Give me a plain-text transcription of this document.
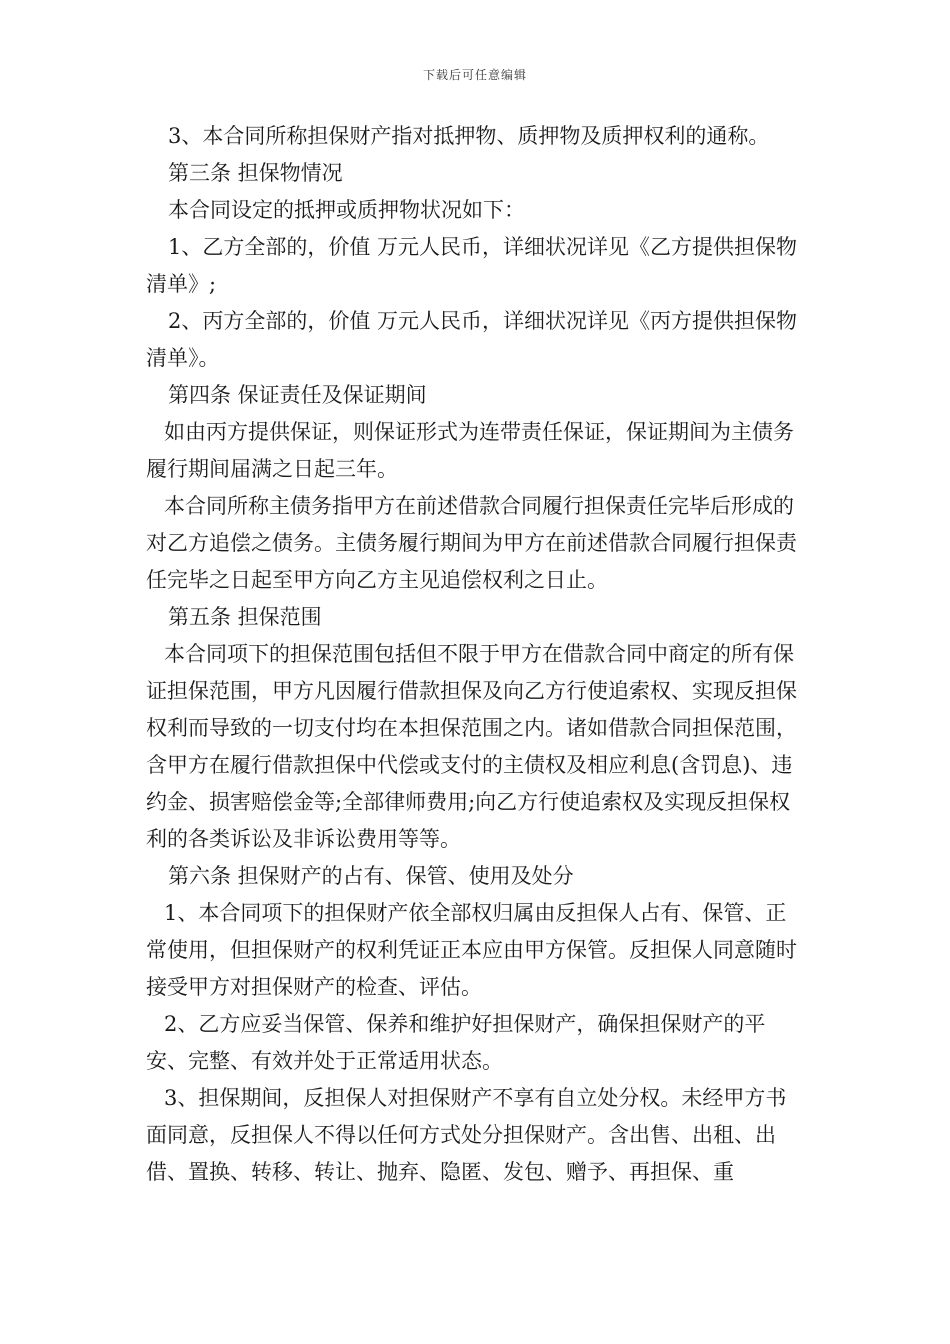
下载后可任意编辑

3、本合同所称担保财产指对抵押物、质押物及质押权利的通称。

第三条 担保物情况

本合同设定的抵押或质押物状况如下：

1、乙方全部的，价值 万元人民币，详细状况详见《乙方提供担保物清单》;

2、丙方全部的，价值 万元人民币，详细状况详见《丙方提供担保物清单》。

第四条 保证责任及保证期间

如由丙方提供保证，则保证形式为连带责任保证，保证期间为主债务履行期间届满之日起三年。

本合同所称主债务指甲方在前述借款合同履行担保责任完毕后形成的对乙方追偿之债务。主债务履行期间为甲方在前述借款合同履行担保责任完毕之日起至甲方向乙方主见追偿权利之日止。

第五条 担保范围

本合同项下的担保范围包括但不限于甲方在借款合同中商定的所有保证担保范围，甲方凡因履行借款担保及向乙方行使追索权、实现反担保权利而导致的一切支付均在本担保范围之内。诸如借款合同担保范围，含甲方在履行借款担保中代偿或支付的主债权及相应利息(含罚息)、违约金、损害赔偿金等;全部律师费用;向乙方行使追索权及实现反担保权利的各类诉讼及非诉讼费用等等。

第六条 担保财产的占有、保管、使用及处分

1、本合同项下的担保财产依全部权归属由反担保人占有、保管、正常使用，但担保财产的权利凭证正本应由甲方保管。反担保人同意随时接受甲方对担保财产的检查、评估。

2、乙方应妥当保管、保养和维护好担保财产，确保担保财产的平安、完整、有效并处于正常适用状态。

3、担保期间，反担保人对担保财产不享有自立处分权。未经甲方书面同意，反担保人不得以任何方式处分担保财产。含出售、出租、出借、置换、转移、转让、抛弃、隐匿、发包、赠予、再担保、重
